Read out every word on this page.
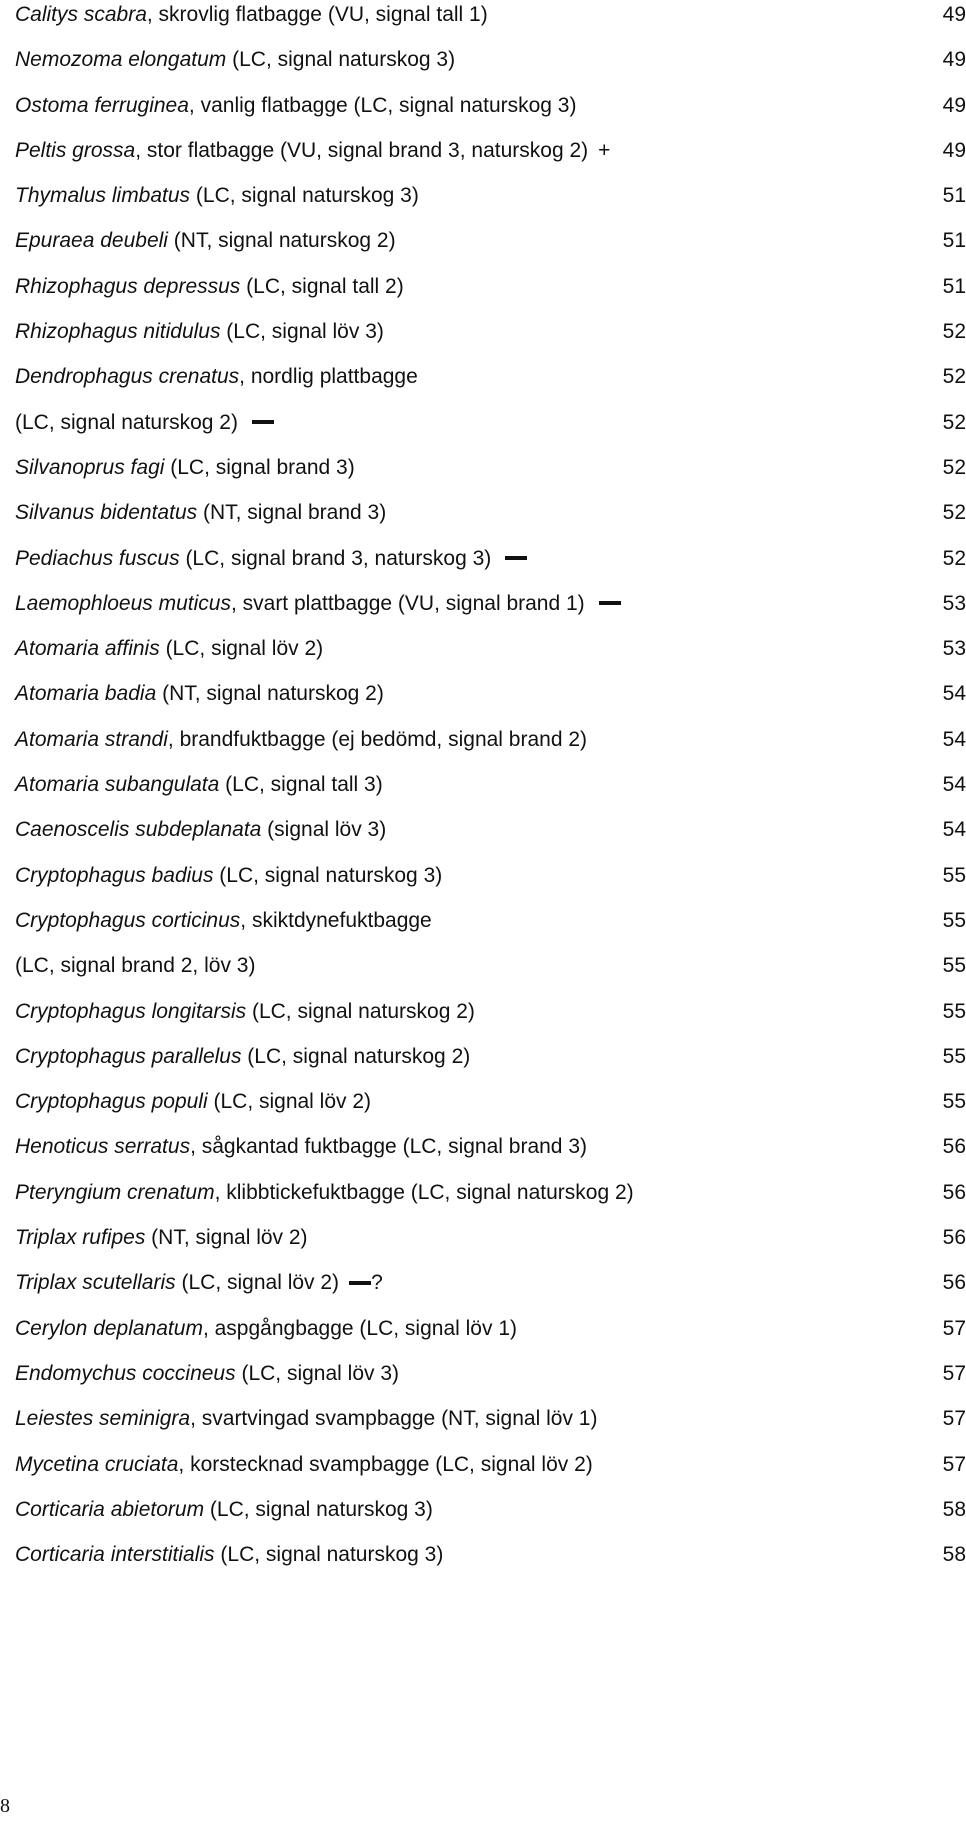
Calitys scabra, skrovlig flatbagge (VU, signal tall 1)	49
Nemozoma elongatum (LC, signal naturskog 3)	49
Ostoma ferruginea, vanlig flatbagge (LC, signal naturskog 3)	49
Peltis grossa, stor flatbagge (VU, signal brand 3, naturskog 2) +	49
Thymalus limbatus (LC, signal naturskog 3)	51
Epuraea deubeli (NT, signal naturskog 2)	51
Rhizophagus depressus (LC, signal tall 2)	51
Rhizophagus nitidulus (LC, signal löv 3)	52
Dendrophagus crenatus, nordlig plattbagge	52
(LC, signal naturskog 2)	52
Silvanoprus fagi (LC, signal brand 3)	52
Silvanus bidentatus (NT, signal brand 3)	52
Pediachus fuscus (LC, signal brand 3, naturskog 3)	52
Laemophloeus muticus, svart plattbagge (VU, signal brand 1)	53
Atomaria affinis (LC, signal löv 2)	53
Atomaria badia (NT, signal naturskog 2)	54
Atomaria strandi, brandfuktbagge (ej bedömd, signal brand 2)	54
Atomaria subangulata (LC, signal tall 3)	54
Caenoscelis subdeplanata (signal löv 3)	54
Cryptophagus badius (LC, signal naturskog 3)	55
Cryptophagus corticinus, skiktdynefuktbagge	55
(LC, signal brand 2, löv 3)	55
Cryptophagus longitarsis (LC, signal naturskog 2)	55
Cryptophagus parallelus (LC, signal naturskog 2)	55
Cryptophagus populi (LC, signal löv 2)	55
Henoticus serratus, sågkantad fuktbagge (LC, signal brand 3)	56
Pteryngium crenatum, klibbtickefuktbagge (LC, signal naturskog 2)	56
Triplax rufipes (NT, signal löv 2)	56
Triplax scutellaris (LC, signal löv 2) ?	56
Cerylon deplanatum, aspgångbagge (LC, signal löv 1)	57
Endomychus coccineus (LC, signal löv 3)	57
Leiestes seminigra, svartvingad svampbagge (NT, signal löv 1)	57
Mycetina cruciata, korstecknad svampbagge (LC, signal löv 2)	57
Corticaria abietorum (LC, signal naturskog 3)	58
Corticaria interstitialis (LC, signal naturskog 3)	58
8
